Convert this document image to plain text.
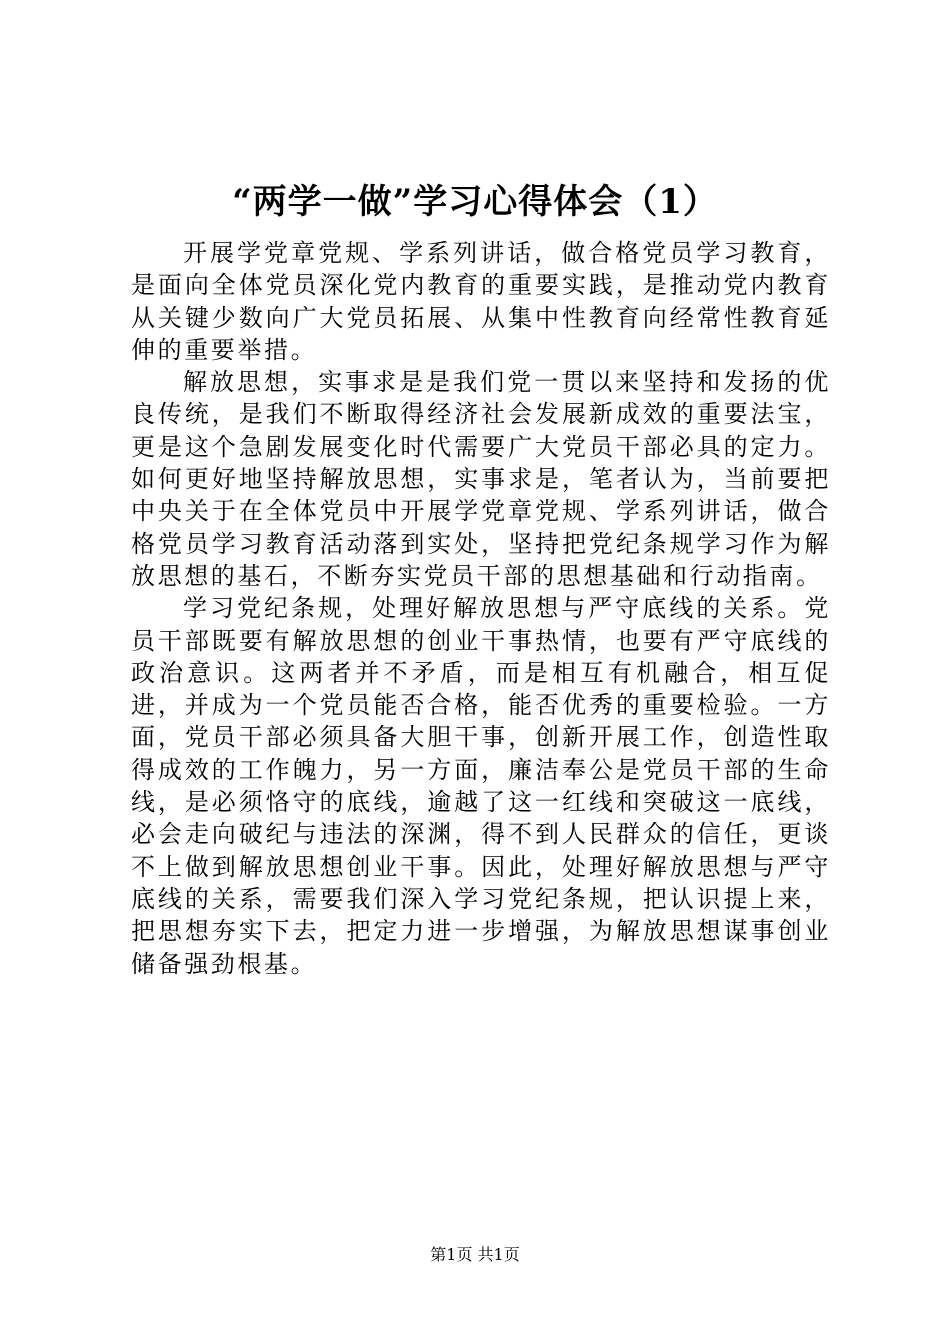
“两学一做”学习心得体会（1）

开展学党章党规、学系列讲话，做合格党员学习教育，是面向全体党员深化党内教育的重要实践，是推动党内教育从关键少数向广大党员拓展、从集中性教育向经常性教育延伸的重要举措。

解放思想，实事求是是我们党一贯以来坚持和发扬的优良传统，是我们不断取得经济社会发展新成效的重要法宝，更是这个急剧发展变化时代需要广大党员干部必具的定力。如何更好地坚持解放思想，实事求是，笔者认为，当前要把中央关于在全体党员中开展学党章党规、学系列讲话，做合格党员学习教育活动落到实处，坚持把党纪条规学习作为解放思想的基石，不断夯实党员干部的思想基础和行动指南。

学习党纪条规，处理好解放思想与严守底线的关系。党员干部既要有解放思想的创业干事热情，也要有严守底线的政治意识。这两者并不矛盾，而是相互有机融合，相互促进，并成为一个党员能否合格，能否优秀的重要检验。一方面，党员干部必须具备大胆干事，创新开展工作，创造性取得成效的工作魄力，另一方面，廉洁奉公是党员干部的生命线，是必须恪守的底线，逾越了这一红线和突破这一底线，必会走向破纪与违法的深渊，得不到人民群众的信任，更谈不上做到解放思想创业干事。因此，处理好解放思想与严守底线的关系，需要我们深入学习党纪条规，把认识提上来，把思想夯实下去，把定力进一步增强，为解放思想谋事创业储备强劲根基。

第1页 共1页
